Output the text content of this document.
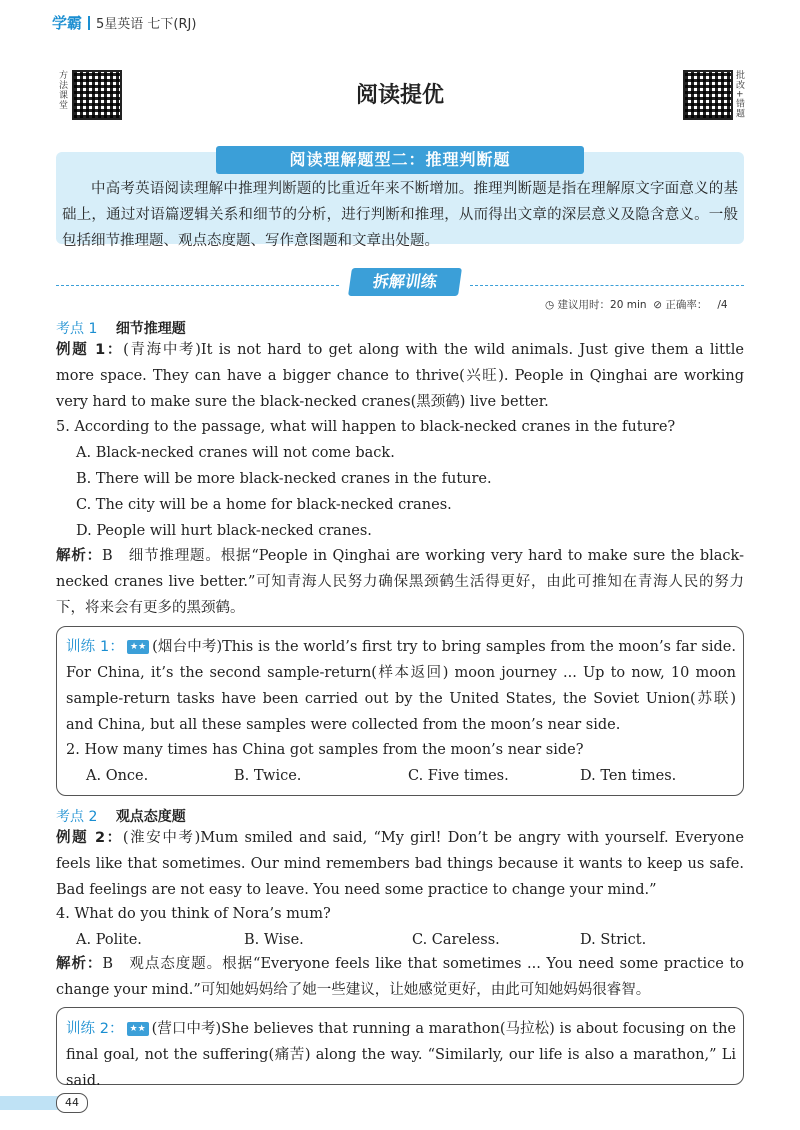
学霸 5星英语 七下(RJ)
方法课堂	批改+错题
阅读提优
阅读理解题型二：推理判断题
中高考英语阅读理解中推理判断题的比重近年来不断增加。推理判断题是指在理解原文字面意义的基础上，通过对语篇逻辑关系和细节的分析，进行判断和推理，从而得出文章的深层意义及隐含意义。一般包括细节推理题、观点态度题、写作意图题和文章出处题。
拆解训练
◷ 建议用时：20 min ⊘ 正确率： /4
考点 1 细节推理题
例题 1：(青海中考)It is not hard to get along with the wild animals. Just give them a little more space. They can have a bigger chance to thrive(兴旺). People in Qinghai are working very hard to make sure the black-necked cranes(黑颈鹤) live better.
5. According to the passage, what will happen to black-necked cranes in the future?
A. Black-necked cranes will not come back.
B. There will be more black-necked cranes in the future.
C. The city will be a home for black-necked cranes.
D. People will hurt black-necked cranes.
解析：B　细节推理题。根据“People in Qinghai are working very hard to make sure the black-necked cranes live better.”可知青海人民努力确保黑颈鹤生活得更好，由此可推知在青海人民的努力下，将来会有更多的黑颈鹤。
训练 1： ★★ (烟台中考)This is the world’s first try to bring samples from the moon’s far side. For China, it’s the second sample-return(样本返回) moon journey ... Up to now, 10 moon sample-return tasks have been carried out by the United States, the Soviet Union(苏联) and China, but all these samples were collected from the moon’s near side.
2. How many times has China got samples from the moon’s near side?
A. Once.	B. Twice.	C. Five times.	D. Ten times.
考点 2 观点态度题
例题 2：(淮安中考)Mum smiled and said, “My girl! Don’t be angry with yourself. Everyone feels like that sometimes. Our mind remembers bad things because it wants to keep us safe. Bad feelings are not easy to leave. You need some practice to change your mind.”
4. What do you think of Nora’s mum?
A. Polite.	B. Wise.	C. Careless.	D. Strict.
解析：B　观点态度题。根据“Everyone feels like that sometimes ... You need some practice to change your mind.”可知她妈妈给了她一些建议，让她感觉更好，由此可知她妈妈很睿智。
训练 2： ★★ (营口中考)She believes that running a marathon(马拉松) is about focusing on the final goal, not the suffering(痛苦) along the way. “Similarly, our life is also a marathon,” Li said.
44
